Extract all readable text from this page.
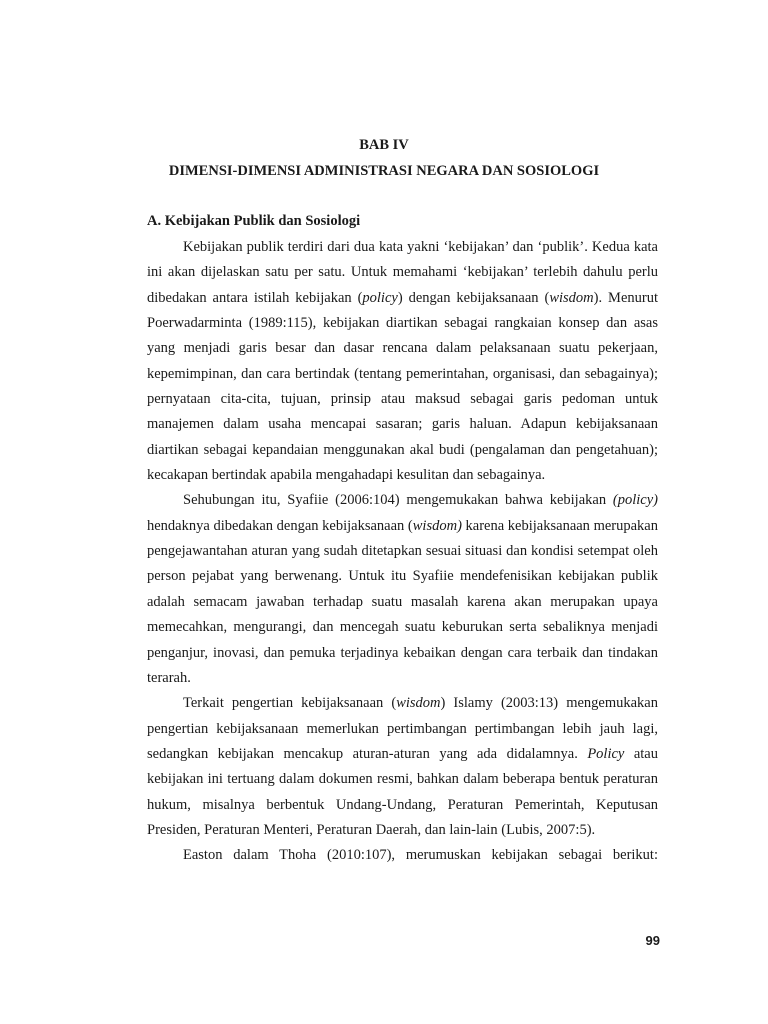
BAB IV
DIMENSI-DIMENSI ADMINISTRASI NEGARA DAN SOSIOLOGI
A. Kebijakan Publik dan Sosiologi

Kebijakan publik terdiri dari dua kata yakni ‘kebijakan’ dan ‘publik’. Kedua kata ini akan dijelaskan satu per satu. Untuk memahami ‘kebijakan’ terlebih dahulu perlu dibedakan antara istilah kebijakan (policy) dengan kebijaksanaan (wisdom). Menurut Poerwadarminta (1989:115), kebijakan diartikan sebagai rangkaian konsep dan asas yang menjadi garis besar dan dasar rencana dalam pelaksanaan suatu pekerjaan, kepemimpinan, dan cara bertindak (tentang pemerintahan, organisasi, dan sebagainya); pernyataan cita-cita, tujuan, prinsip atau maksud sebagai garis pedoman untuk manajemen dalam usaha mencapai sasaran; garis haluan. Adapun kebijaksanaan diartikan sebagai kepandaian menggunakan akal budi (pengalaman dan pengetahuan); kecakapan bertindak apabila mengahadapi kesulitan dan sebagainya.

Sehubungan itu, Syafiie (2006:104) mengemukakan bahwa kebijakan (policy) hendaknya dibedakan dengan kebijaksanaan (wisdom) karena kebijaksanaan merupakan pengejawantahan aturan yang sudah ditetapkan sesuai situasi dan kondisi setempat oleh person pejabat yang berwenang. Untuk itu Syafiie mendefenisikan kebijakan publik adalah semacam jawaban terhadap suatu masalah karena akan merupakan upaya memecahkan, mengurangi, dan mencegah suatu keburukan serta sebaliknya menjadi penganjur, inovasi, dan pemuka terjadinya kebaikan dengan cara terbaik dan tindakan terarah.

Terkait pengertian kebijaksanaan (wisdom) Islamy (2003:13) mengemukakan pengertian kebijaksanaan memerlukan pertimbangan pertimbangan lebih jauh lagi, sedangkan kebijakan mencakup aturan-aturan yang ada didalamnya. Policy atau kebijakan ini tertuang dalam dokumen resmi, bahkan dalam beberapa bentuk peraturan hukum, misalnya berbentuk Undang-Undang, Peraturan Pemerintah, Keputusan Presiden, Peraturan Menteri, Peraturan Daerah, dan lain-lain (Lubis, 2007:5).

Easton dalam Thoha (2010:107), merumuskan kebijakan sebagai berikut:

99
